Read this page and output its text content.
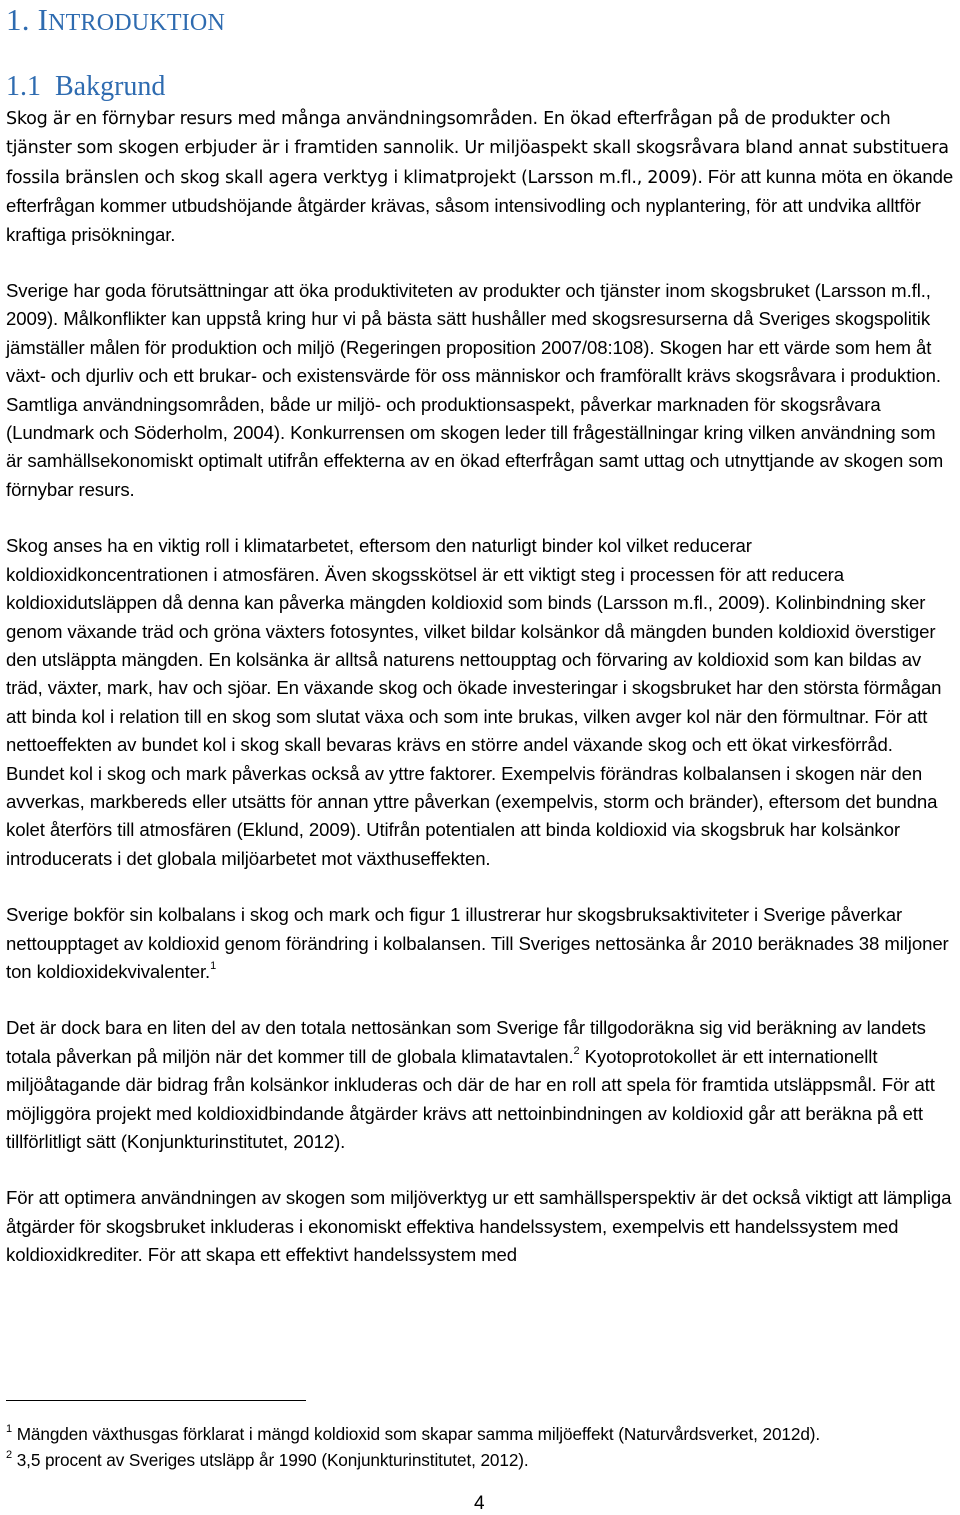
1. INTRODUKTION
1.1 Bakgrund

Skog är en förnybar resurs med många användningsområden. En ökad efterfrågan på de produkter och tjänster som skogen erbjuder är i framtiden sannolik. Ur miljöaspekt skall skogsråvara bland annat substituera fossila bränslen och skog skall agera verktyg i klimatprojekt (Larsson m.fl., 2009). För att kunna möta en ökande efterfrågan kommer utbudshöjande åtgärder krävas, såsom intensivodling och nyplantering, för att undvika alltför kraftiga prisökningar.

Sverige har goda förutsättningar att öka produktiviteten av produkter och tjänster inom skogsbruket (Larsson m.fl., 2009). Målkonflikter kan uppstå kring hur vi på bästa sätt hushåller med skogsresurserna då Sveriges skogspolitik jämställer målen för produktion och miljö (Regeringen proposition 2007/08:108). Skogen har ett värde som hem åt växt- och djurliv och ett brukar- och existensvärde för oss människor och framförallt krävs skogsråvara i produktion. Samtliga användningsområden, både ur miljö- och produktionsaspekt, påverkar marknaden för skogsråvara (Lundmark och Söderholm, 2004). Konkurrensen om skogen leder till frågeställningar kring vilken användning som är samhällsekonomiskt optimalt utifrån effekterna av en ökad efterfrågan samt uttag och utnyttjande av skogen som förnybar resurs.

Skog anses ha en viktig roll i klimatarbetet, eftersom den naturligt binder kol vilket reducerar koldioxidkoncentrationen i atmosfären. Även skogsskötsel är ett viktigt steg i processen för att reducera koldioxidutsläppen då denna kan påverka mängden koldioxid som binds (Larsson m.fl., 2009). Kolinbindning sker genom växande träd och gröna växters fotosyntes, vilket bildar kolsänkor då mängden bunden koldioxid överstiger den utsläppta mängden. En kolsänka är alltså naturens nettoupptag och förvaring av koldioxid som kan bildas av träd, växter, mark, hav och sjöar. En växande skog och ökade investeringar i skogsbruket har den största förmågan att binda kol i relation till en skog som slutat växa och som inte brukas, vilken avger kol när den förmultnar. För att nettoeffekten av bundet kol i skog skall bevaras krävs en större andel växande skog och ett ökat virkesförråd. Bundet kol i skog och mark påverkas också av yttre faktorer. Exempelvis förändras kolbalansen i skogen när den avverkas, markbereds eller utsätts för annan yttre påverkan (exempelvis, storm och bränder), eftersom det bundna kolet återförs till atmosfären (Eklund, 2009). Utifrån potentialen att binda koldioxid via skogsbruk har kolsänkor introducerats i det globala miljöarbetet mot växthuseffekten.

Sverige bokför sin kolbalans i skog och mark och figur 1 illustrerar hur skogsbruksaktiviteter i Sverige påverkar nettoupptaget av koldioxid genom förändring i kolbalansen. Till Sveriges nettosänka år 2010 beräknades 38 miljoner ton koldioxidekvivalenter.$^1$

Det är dock bara en liten del av den totala nettosänkan som Sverige får tillgodoräkna sig vid beräkning av landets totala påverkan på miljön när det kommer till de globala klimatavtalen.$^2$ Kyotoprotokollet är ett internationellt miljöåtagande där bidrag från kolsänkor inkluderas och där de har en roll att spela för framtida utsläppsmål. För att möjliggöra projekt med koldioxidbindande åtgärder krävs att nettoinbindningen av koldioxid går att beräkna på ett tillförlitligt sätt (Konjunkturinstitutet, 2012).

För att optimera användningen av skogen som miljöverktyg ur ett samhällsperspektiv är det också viktigt att lämpliga åtgärder för skogsbruket inkluderas i ekonomiskt effektiva handelssystem, exempelvis ett handelssystem med koldioxidkrediter. För att skapa ett effektivt handelssystem med

$^1$ Mängden växthusgas förklarat i mängd koldioxid som skapar samma miljöeffekt (Naturvårdsverket, 2012d).

$^2$ 3,5 procent av Sveriges utsläpp år 1990 (Konjunkturinstitutet, 2012).

4
